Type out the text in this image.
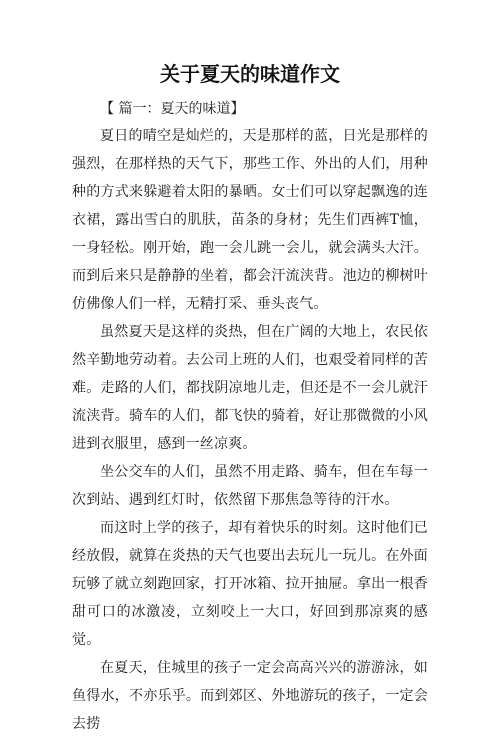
关于夏天的味道作文

【 篇一：夏天的味道】

夏日的晴空是灿烂的，天是那样的蓝，日光是那样的强烈，在那样热的天气下，那些工作、外出的人们，用种种的方式来躲避着太阳的暴晒。女士们可以穿起飘逸的连衣裙，露出雪白的肌肤，苗条的身材；先生们西裤T恤，一身轻松。刚开始，跑一会儿跳一会儿，就会满头大汗。而到后来只是静静的坐着，都会汗流浃背。池边的柳树叶仿佛像人们一样，无精打采、垂头丧气。

虽然夏天是这样的炎热，但在广阔的大地上，农民依然辛勤地劳动着。去公司上班的人们，也艰受着同样的苦难。走路的人们，都找阴凉地儿走，但还是不一会儿就汗流浃背。骑车的人们，都飞快的骑着，好让那微微的小风进到衣服里，感到一丝凉爽。

坐公交车的人们，虽然不用走路、骑车，但在车每一次到站、遇到红灯时，依然留下那焦急等待的汗水。

而这时上学的孩子，却有着快乐的时刻。这时他们已经放假，就算在炎热的天气也要出去玩儿一玩儿。在外面玩够了就立刻跑回家，打开冰箱、拉开抽屉。拿出一根香甜可口的冰激凌，立刻咬上一大口，好回到那凉爽的感觉。

在夏天，住城里的孩子一定会高高兴兴的游游泳，如鱼得水，不亦乐乎。而到郊区、外地游玩的孩子，一定会去捞
